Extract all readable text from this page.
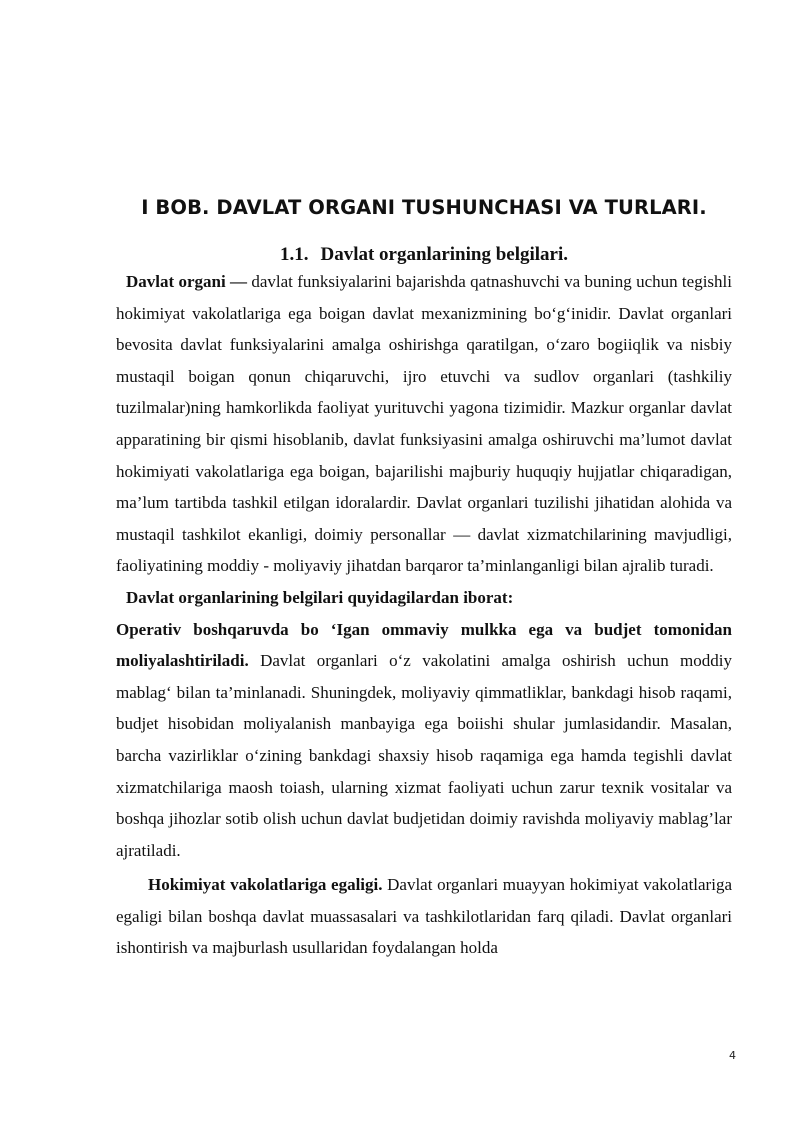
I BOB. DAVLAT ORGANI TUSHUNCHASI VA TURLARI.
1.1. Davlat organlarining belgilari.

Davlat organi — davlat funksiyalarini bajarishda qatnashuvchi va buning uchun tegishli hokimiyat vakolatlariga ega boigan davlat mexanizmining bo‘g‘inidir. Davlat organlari bevosita davlat funksiyalarini amalga oshirishga qaratilgan, o‘zaro bogiiqlik va nisbiy mustaqil boigan qonun chiqaruvchi, ijro etuvchi va sudlov organlari (tashkiliy tuzilmalar)ning hamkorlikda faoliyat yurituvchi yagona tizimidir. Mazkur organlar davlat apparatining bir qismi hisoblanib, davlat funksiyasini amalga oshiruvchi ma’lumot davlat hokimiyati vakolatlariga ega boigan, bajarilishi majburiy huquqiy hujjatlar chiqaradigan, ma’lum tartibda tashkil etilgan idoralardir. Davlat organlari tuzilishi jihatidan alohida va mustaqil tashkilot ekanligi, doimiy personallar — davlat xizmatchilarining mavjudligi, faoliyatining moddiy - moliyaviy jihatdan barqaror ta’minlanganligi bilan ajralib turadi.

Davlat organlarining belgilari quyidagilardan iborat:

Operativ boshqaruvda bo ‘Igan ommaviy mulkka ega va budjet tomonidan moliyalashtiriladi. Davlat organlari o‘z vakolatini amalga oshirish uchun moddiy mablag‘ bilan ta’minlanadi. Shuningdek, moliyaviy qimmatliklar, bankdagi hisob raqami, budjet hisobidan moliyalanish manbayiga ega boiishi shular jumlasidandir. Masalan, barcha vazirliklar o‘zining bankdagi shaxsiy hisob raqamiga ega hamda tegishli davlat xizmatchilariga maosh toiash, ularning xizmat faoliyati uchun zarur texnik vositalar va boshqa jihozlar sotib olish uchun davlat budjetidan doimiy ravishda moliyaviy mablag’lar ajratiladi.

Hokimiyat vakolatlariga egaligi. Davlat organlari muayyan hokimiyat vakolatlariga egaligi bilan boshqa davlat muassasalari va tashkilotlaridan farq qiladi. Davlat organlari ishontirish va majburlash usullaridan foydalangan holda

4
